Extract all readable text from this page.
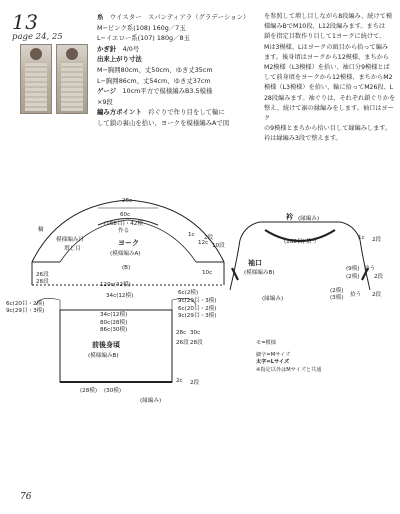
13
page 24, 25
糸　 ウイスター　スパンティアラ（グラデーション）
M−ピンク系(108) 160g／7玉
L−イエロー系(107) 180g／8玉
かぎ針　 4/0号
出来上がり寸法
M−胸囲80cm、丈50cm、ゆき丈35cm
L−胸囲86cm、丈54cm、ゆき丈37cm
ゲージ　 10cm平方で模様編みB3.5模様
×9段
編み方ポイント　 衿ぐりで作り目をして輪に
して鎖の裏山を拾い、ヨークを模様編みAで図
を参照して増し目しながら8段編み、続けて模
様編みBでM10段、L12段編みます。まちは
鎖を指定目数作り目して1ヨークに続けて、
Mは3模様、Lはヨークの頭目から拾って編み
ます。後身頃はヨークから12模様、まちから
M2模様（L3模様）を拾い、袖口分9模様とば
して前身頃をヨークから12模様、まちからM2
模様（L3模様）を拾い、輪に拾ってM26段、L
28段編みます。袖ぐりは、それぞれ鎖ぐりかを
整え、続けて裾の縁編みをします。袖口はヨーク
の9模様とまちから拾い目して縁編みします。
衿は縁編み3段で整えます。
26c
60c
(168目)・42模
作る
輪
模様編み目
増し目
ヨーク
(模様編みA)
(B)
1c 2段
12c 10段
10c
120c(42模)
34c(12模)
26段
28段
6c(2模)
9c(29目・3模)
6c(20目・2模)
9c(29目・3模)	6c(20目・2模)
9c(29目・3模)
34c(12模)
80c(28模)
86c(30模)
前後身頃
(模様編みB)
28c 30c
26段 28段
(28模) (30模)
(縁編み)
2c 2段
衿 (縁編み)
(168目) 拾う
1c 2段
袖口
(模様編みB)
(9模)
(2模)
拾う
2段
(縁編み)
(2模)
(3模) 拾う 2段
モ=模様
細字=Mサイズ
太字=Lサイズ
※指定以外はMサイズと共通
76
